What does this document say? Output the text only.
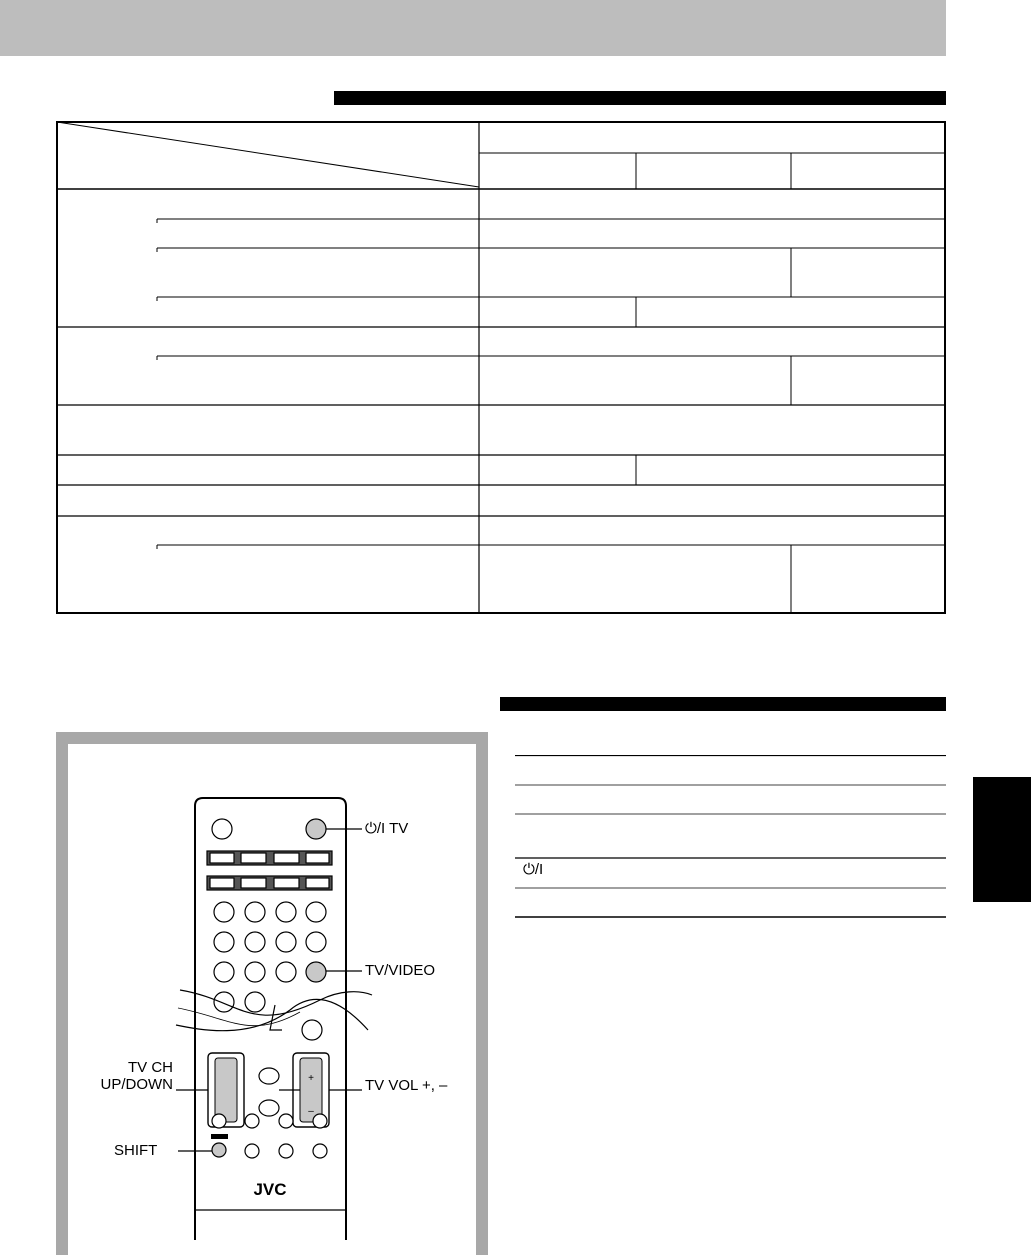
⏻/I
+
–
JVC
⏻/I TV
TV/VIDEO
TV VOL +, –
TV CH
UP/DOWN
SHIFT
